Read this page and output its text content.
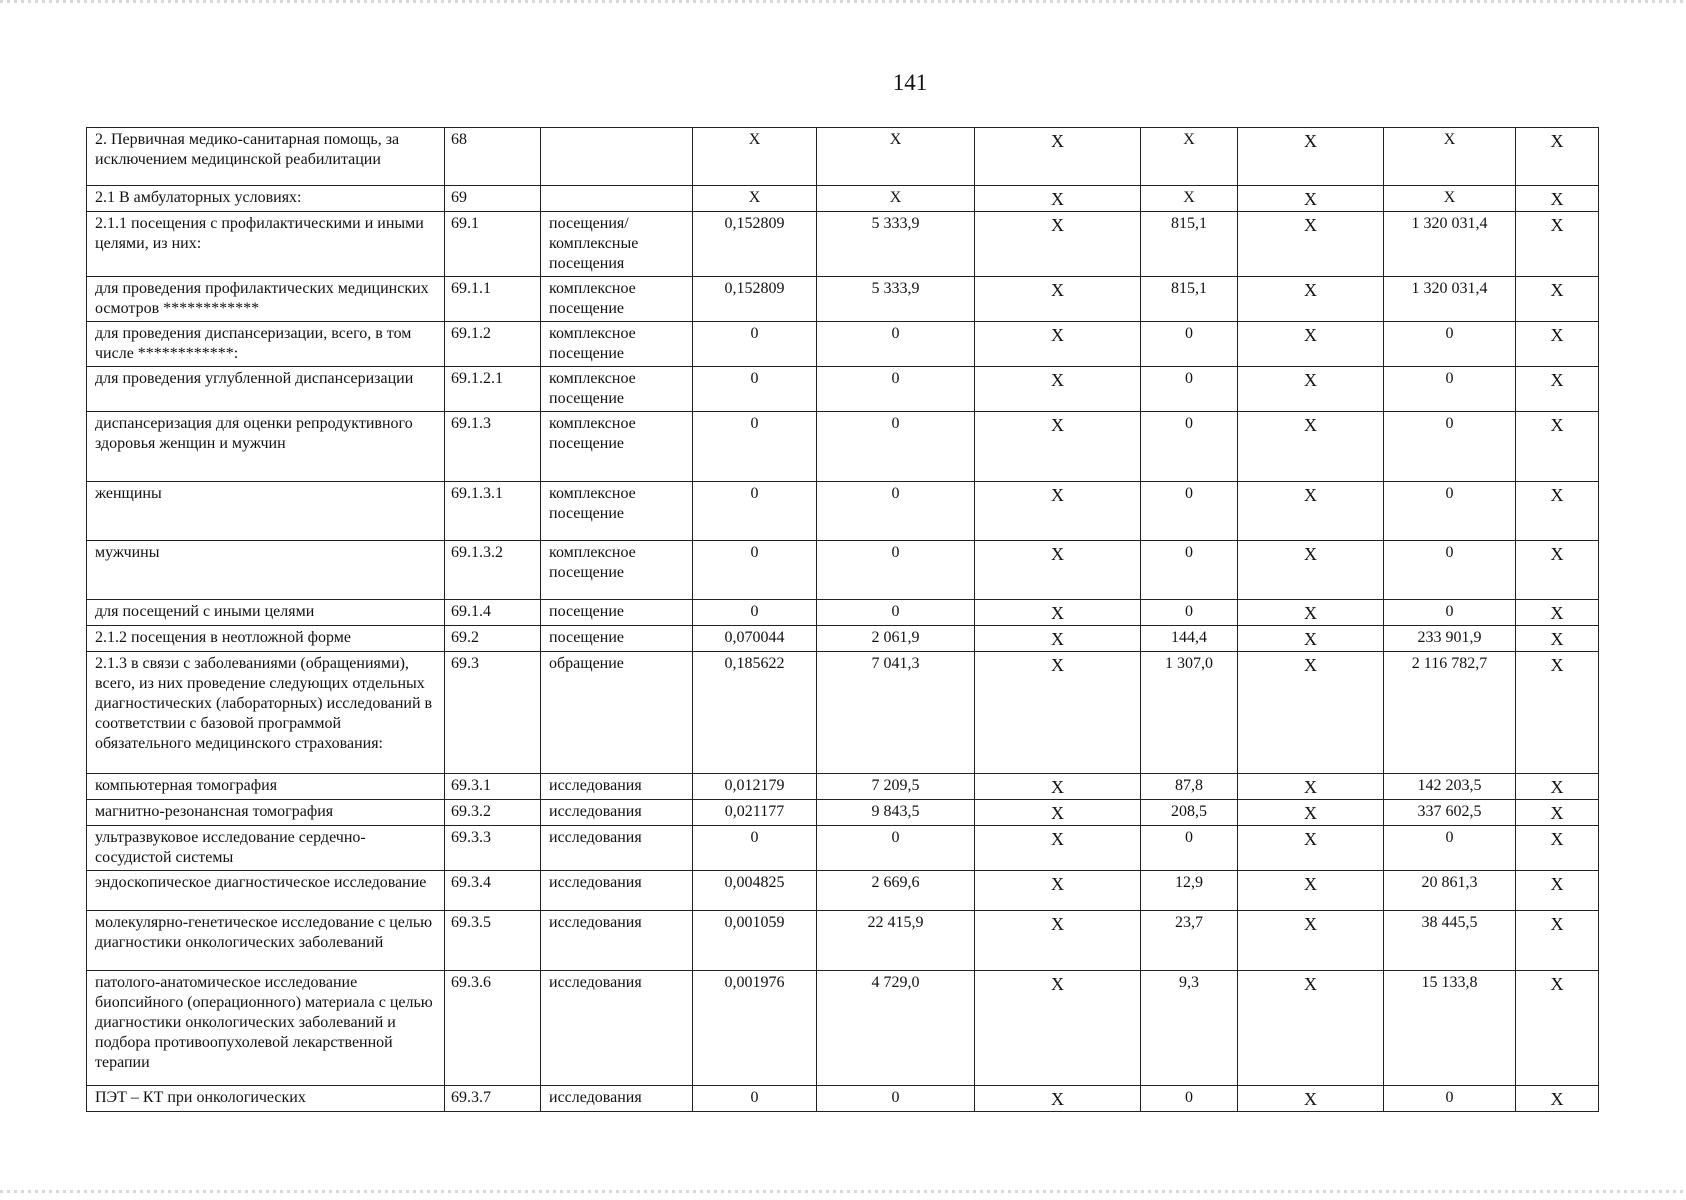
141
2. Первичная медико-санитарная помощь, за исключением медицинской реабилитации	68		X	X	X	X	X	X	X
2.1 В амбулаторных условиях:	69		X	X	X	X	X	X	X
2.1.1 посещения с профилактическими и иными целями, из них:	69.1	посещения/комплексные посещения	0,152809	5 333,9	X	815,1	X	1 320 031,4	X
для проведения профилактических медицинских осмотров ************	69.1.1	комплексное посещение	0,152809	5 333,9	X	815,1	X	1 320 031,4	X
для проведения диспансеризации, всего, в том числе ************:	69.1.2	комплексное посещение	0	0	X	0	X	0	X
для проведения углубленной диспансеризации	69.1.2.1	комплексное посещение	0	0	X	0	X	0	X
диспансеризация для оценки репродуктивного здоровья женщин и мужчин	69.1.3	комплексное посещение	0	0	X	0	X	0	X
женщины	69.1.3.1	комплексное посещение	0	0	X	0	X	0	X
мужчины	69.1.3.2	комплексное посещение	0	0	X	0	X	0	X
для посещений с иными целями	69.1.4	посещение	0	0	X	0	X	0	X
2.1.2 посещения в неотложной форме	69.2	посещение	0,070044	2 061,9	X	144,4	X	233 901,9	X
2.1.3 в связи с заболеваниями (обращениями), всего, из них проведение следующих отдельных диагностических (лабораторных) исследований в соответствии с базовой программой обязательного медицинского страхования:	69.3	обращение	0,185622	7 041,3	X	1 307,0	X	2 116 782,7	X
компьютерная томография	69.3.1	исследования	0,012179	7 209,5	X	87,8	X	142 203,5	X
магнитно-резонансная томография	69.3.2	исследования	0,021177	9 843,5	X	208,5	X	337 602,5	X
ультразвуковое исследование сердечно-сосудистой системы	69.3.3	исследования	0	0	X	0	X	0	X
эндоскопическое диагностическое исследование	69.3.4	исследования	0,004825	2 669,6	X	12,9	X	20 861,3	X
молекулярно-генетическое исследование с целью диагностики онкологических заболеваний	69.3.5	исследования	0,001059	22 415,9	X	23,7	X	38 445,5	X
патолого-анатомическое исследование биопсийного (операционного) материала с целью диагностики онкологических заболеваний и подбора противоопухолевой лекарственной терапии	69.3.6	исследования	0,001976	4 729,0	X	9,3	X	15 133,8	X
ПЭТ – КТ при онкологических	69.3.7	исследования	0	0	X	0	X	0	X
